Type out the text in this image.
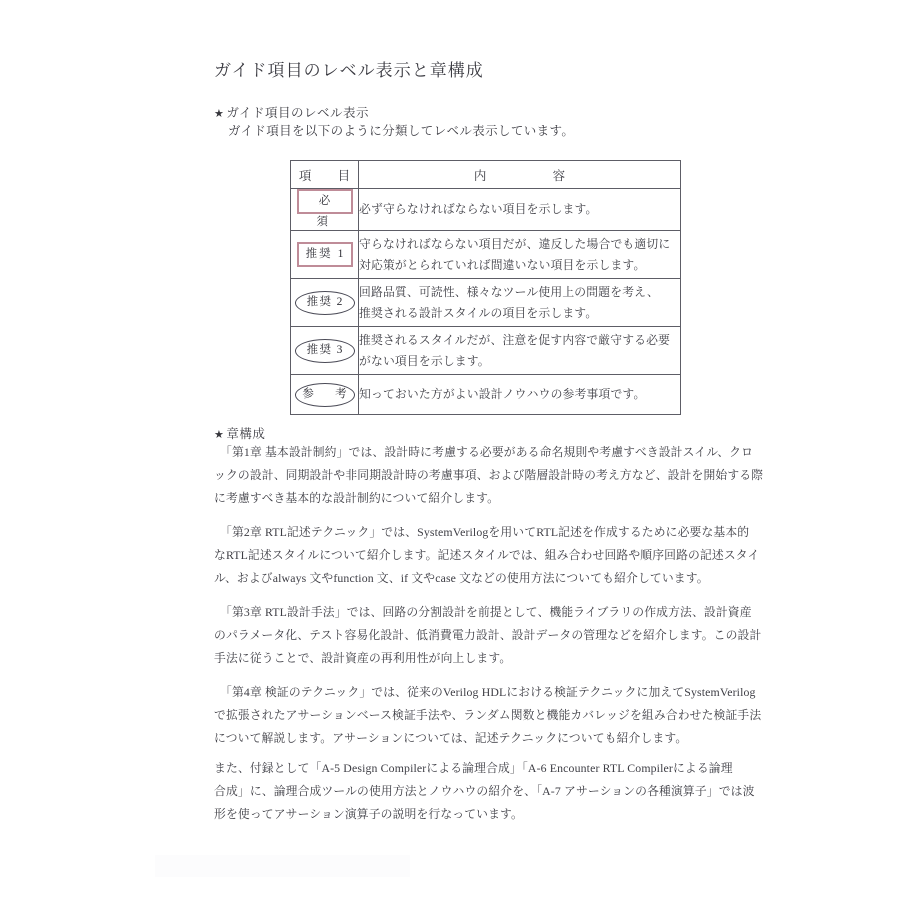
ガイド項目のレベル表示と章構成
★ ガイド項目のレベル表示
ガイド項目を以下のように分類してレベル表示しています。
項　目	内　　容
必　須	必ず守らなければならない項目を示します。

推奨 1	守らなければならない項目だが、違反した場合でも適切に
対応策がとられていれば間違いない項目を示します。

推奨 2	回路品質、可読性、様々なツール使用上の問題を考え、
推奨される設計スタイルの項目を示します。

推奨 3	推奨されるスタイルだが、注意を促す内容で厳守する必要
がない項目を示します。

参　考	知っておいた方がよい設計ノウハウの参考事項です。
★ 章構成
　「第1章 基本設計制約」では、設計時に考慮する必要がある命名規則や考慮すべき設計スイル、クロ
ックの設計、同期設計や非同期設計時の考慮事項、および階層設計時の考え方など、設計を開始する際
に考慮すべき基本的な設計制約について紹介します。
　「第2章 RTL記述テクニック」では、SystemVerilogを用いてRTL記述を作成するために必要な基本的
なRTL記述スタイルについて紹介します。記述スタイルでは、組み合わせ回路や順序回路の記述スタイ
ル、およびalways 文やfunction 文、if 文やcase 文などの使用方法についても紹介しています。
　「第3章 RTL設計手法」では、回路の分割設計を前提として、機能ライブラリの作成方法、設計資産
のパラメータ化、テスト容易化設計、低消費電力設計、設計データの管理などを紹介します。この設計
手法に従うことで、設計資産の再利用性が向上します。
　「第4章 検証のテクニック」では、従来のVerilog HDLにおける検証テクニックに加えてSystemVerilog
で拡張されたアサーションベース検証手法や、ランダム関数と機能カバレッジを組み合わせた検証手法
について解説します。アサーションについては、記述テクニックについても紹介します。
また、付録として「A-5 Design Compilerによる論理合成」「A-6 Encounter RTL Compilerによる論理
合成」に、論理合成ツールの使用方法とノウハウの紹介を、「A-7 アサーションの各種演算子」では波
形を使ってアサーション演算子の説明を行なっています。
